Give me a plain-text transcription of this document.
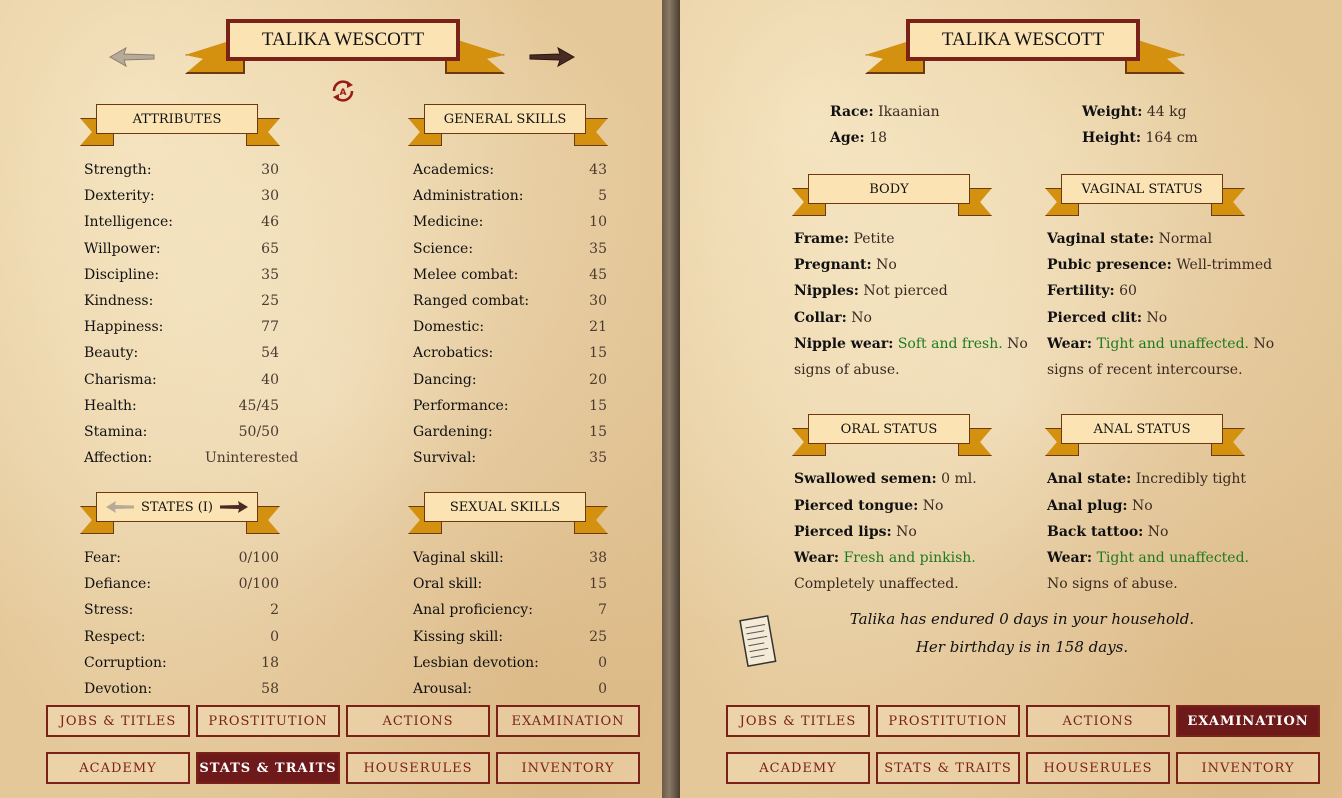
TALIKA WESCOTT
A
ATTRIBUTES	GENERAL SKILLS
Strength:	30
Dexterity:	30
Intelligence:	46
Willpower:	65
Discipline:	35
Kindness:	25
Happiness:	77
Beauty:	54
Charisma:	40
Health:	45/45
Stamina:	50/50
Affection:	Uninterested
Academics:	43
Administration:	5
Medicine:	10
Science:	35
Melee combat:	45
Ranged combat:	30
Domestic:	21
Acrobatics:	15
Dancing:	20
Performance:	15
Gardening:	15
Survival:	35
STATES (I)	SEXUAL SKILLS
Fear:	0/100
Defiance:	0/100
Stress:	2
Respect:	0
Corruption:	18
Devotion:	58
Vaginal skill:	38
Oral skill:	15
Anal proficiency:	7
Kissing skill:	25
Lesbian devotion:	0
Arousal:	0
JOBS & TITLES	PROSTITUTION	ACTIONS	EXAMINATION
ACADEMY	STATS & TRAITS	HOUSERULES	INVENTORY
TALIKA WESCOTT
Race: Ikaanian
Age: 18
Weight: 44 kg
Height: 164 cm
BODY	VAGINAL STATUS
Frame: Petite
Pregnant: No
Nipples: Not pierced
Collar: No
Nipple wear: Soft and fresh. No
signs of abuse.
Vaginal state: Normal
Pubic presence: Well-trimmed
Fertility: 60
Pierced clit: No
Wear: Tight and unaffected. No
signs of recent intercourse.
ORAL STATUS	ANAL STATUS
Swallowed semen: 0 ml.
Pierced tongue: No
Pierced lips: No
Wear: Fresh and pinkish.
Completely unaffected.
Anal state: Incredibly tight
Anal plug: No
Back tattoo: No
Wear: Tight and unaffected.
No signs of abuse.
Talika has endured 0 days in your household.
Her birthday is in 158 days.
JOBS & TITLES	PROSTITUTION	ACTIONS	EXAMINATION
ACADEMY	STATS & TRAITS	HOUSERULES	INVENTORY
